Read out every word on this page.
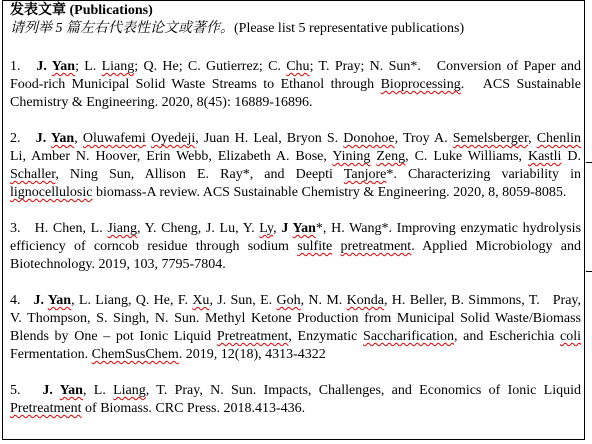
发表文章 (Publications)
请列举 5 篇左右代表性论文或著作。(Please list 5 representative publications)
1.   J. Yan; L. Liang; Q. He; C. Gutierrez; C. Chu; T. Pray; N. Sun*.   Conversion of Paper and
Food-rich Municipal Solid Waste Streams to Ethanol through Bioprocessing.   ACS Sustainable
Chemistry & Engineering. 2020, 8(45): 16889-16896.
2.   J. Yan, Oluwafemi Oyedeji, Juan H. Leal, Bryon S. Donohoe, Troy A. Semelsberger, Chenlin
Li, Amber N. Hoover, Erin Webb, Elizabeth A. Bose, Yining Zeng, C. Luke Williams, Kastli D.
Schaller, Ning Sun, Allison E. Ray*, and Deepti Tanjore*. Characterizing variability in
lignocellulosic biomass-A review. ACS Sustainable Chemistry & Engineering. 2020, 8, 8059-8085.
3.   H. Chen, L. Jiang, Y. Cheng, J. Lu, Y. Ly, J Yan*, H. Wang*. Improving enzymatic hydrolysis
efficiency of corncob residue through sodium sulfite pretreatment. Applied Microbiology and
Biotechnology. 2019, 103, 7795-7804.
4.   J. Yan, L. Liang, Q. He, F. Xu, J. Sun, E. Goh, N. M. Konda, H. Beller, B. Simmons, T.   Pray,
V. Thompson, S. Singh, N. Sun. Methyl Ketone Production from Municipal Solid Waste/Biomass
Blends by One – pot Ionic Liquid Pretreatment, Enzymatic Saccharification, and Escherichia coli
Fermentation. ChemSusChem. 2019, 12(18), 4313-4322
5.   J. Yan, L. Liang, T. Pray, N. Sun. Impacts, Challenges, and Economics of Ionic Liquid
Pretreatment of Biomass. CRC Press. 2018.413-436.
